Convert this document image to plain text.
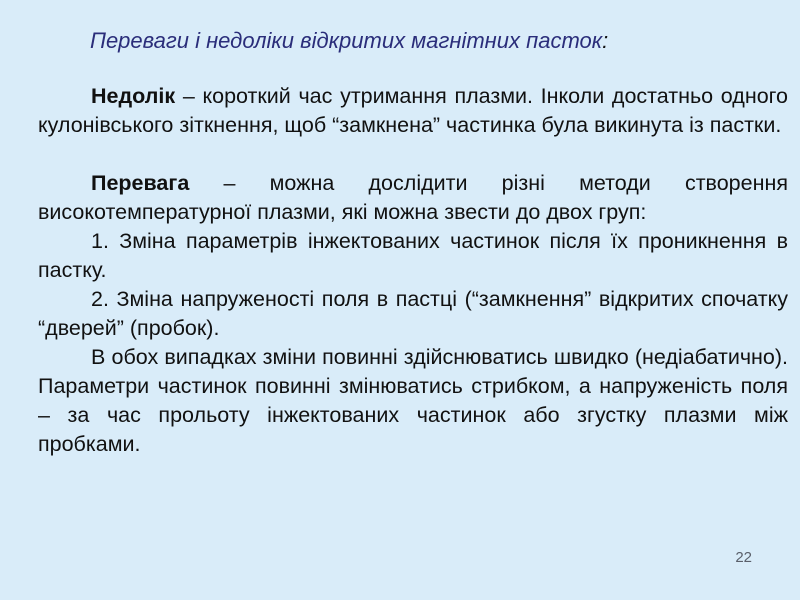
Переваги і недоліки відкритих магнітних пасток:

Недолік – короткий час утримання плазми. Інколи достатньо одного кулонівського зіткнення, щоб “замкнена” частинка була викинута із пастки.

Перевага – можна дослідити різні методи створення високотемпературної плазми, які можна звести до двох груп:

1. Зміна параметрів інжектованих частинок після їх проникнення в пастку.

2. Зміна напруженості поля в пастці (“замкнення” відкритих спочатку “дверей” (пробок).

В обох випадках зміни повинні здійснюватись швидко (недіабатично). Параметри частинок повинні змінюватись стрибком, а напруженість поля – за час прольоту інжектованих частинок або згустку плазми між пробками.

22
